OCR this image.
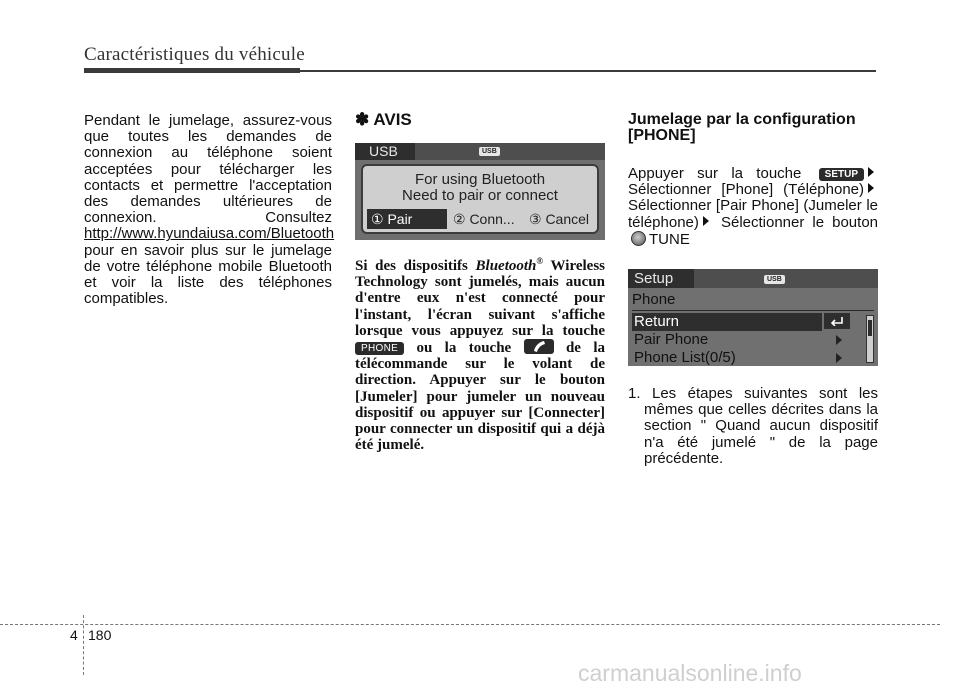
Caractéristiques du véhicule
Pendant le jumelage, assurez-vous que toutes les demandes de connexion au téléphone soient acceptées pour télécharger les contacts et permettre l'acceptation des demandes ultérieures de connexion. Consultez http://www.hyundaiusa.com/Bluetooth pour en savoir plus sur le jumelage de votre téléphone mobile Bluetooth et voir la liste des téléphones compatibles.
✽ AVIS
USB	USB
For using Bluetooth
Need to pair or connect
① Pair	② Conn... ③ Cancel

Si des dispositifs Bluetooth® Wireless Technology sont jumelés, mais aucun d'entre eux n'est connecté pour l'instant, l'écran suivant s'affiche lorsque vous appuyez sur la touche PHONE ou la touche	de la télécommande sur le volant de direction. Appuyer sur le bouton [Jumeler] pour jumeler un nouveau dispositif ou appuyer sur [Connecter] pour connecter un dispositif qui a déjà été jumelé.

Jumelage par la configuration [PHONE]

Appuyer sur la touche SETUP Sélectionner [Phone] (Téléphone) Sélectionner [Pair Phone] (Jumeler le téléphone) Sélectionner le bouton TUNE

Setup	USB
Phone
Return
Pair Phone
Phone List(0/5)

1. Les étapes suivantes sont les mêmes que celles décrites dans la section " Quand aucun dispositif n'a été jumelé " de la page précédente.

4 180
carmanualsonline.info
